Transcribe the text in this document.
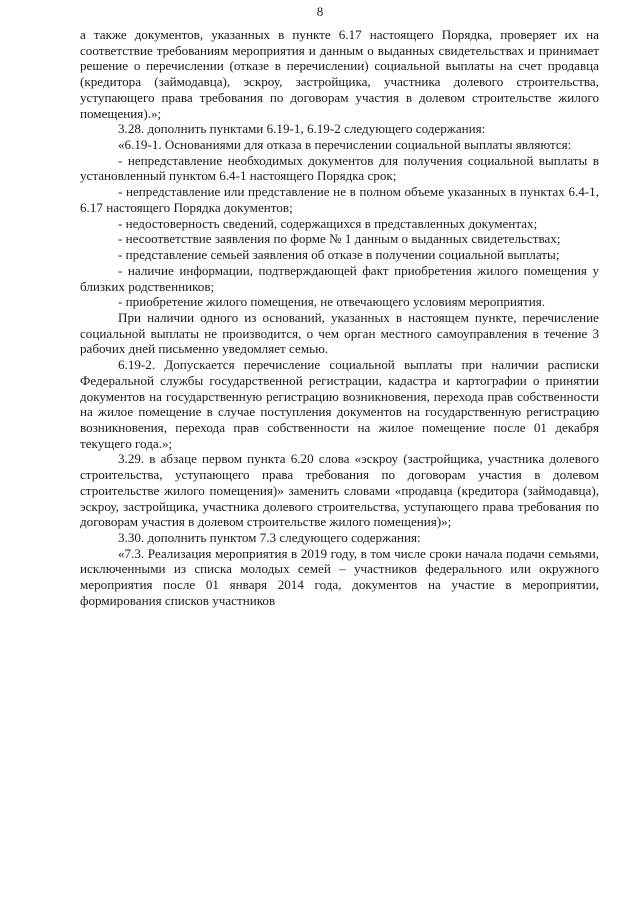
8

а также документов, указанных в пункте 6.17 настоящего Порядка, проверяет их на соответствие требованиям мероприятия и данным о выданных свидетельствах и принимает решение о перечислении (отказе в перечислении) социальной выплаты на счет продавца (кредитора (займодавца), эскроу, застройщика, участника долевого строительства, уступающего права требования по договорам участия в долевом строительстве жилого помещения).»;

3.28. дополнить пунктами 6.19-1, 6.19-2 следующего содержания:

«6.19-1. Основаниями для отказа в перечислении социальной выплаты являются:

- непредставление необходимых документов для получения социальной выплаты в установленный пунктом 6.4-1 настоящего Порядка срок;

- непредставление или представление не в полном объеме указанных в пунктах 6.4-1, 6.17 настоящего Порядка документов;

- недостоверность сведений, содержащихся в представленных документах;

- несоответствие заявления по форме № 1 данным о выданных свидетельствах;

- представление семьей заявления об отказе в получении социальной выплаты;

- наличие информации, подтверждающей факт приобретения жилого помещения у близких родственников;

- приобретение жилого помещения, не отвечающего условиям мероприятия.

При наличии одного из оснований, указанных в настоящем пункте, перечисление социальной выплаты не производится, о чем орган местного самоуправления в течение 3 рабочих дней письменно уведомляет семью.

6.19-2. Допускается перечисление социальной выплаты при наличии расписки Федеральной службы государственной регистрации, кадастра и картографии о принятии документов на государственную регистрацию возникновения, перехода прав собственности на жилое помещение в случае поступления документов на государственную регистрацию возникновения, перехода прав собственности на жилое помещение после 01 декабря текущего года.»;

3.29. в абзаце первом пункта 6.20 слова «эскроу (застройщика, участника долевого строительства, уступающего права требования по договорам участия в долевом строительстве жилого помещения)» заменить словами «продавца (кредитора (займодавца), эскроу, застройщика, участника долевого строительства, уступающего права требования по договорам участия в долевом строительстве жилого помещения)»;

3.30. дополнить пунктом 7.3 следующего содержания:

«7.3. Реализация мероприятия в 2019 году, в том числе сроки начала подачи семьями, исключенными из списка молодых семей – участников федерального или окружного мероприятия после 01 января 2014 года, документов на участие в мероприятии, формирования списков участников
